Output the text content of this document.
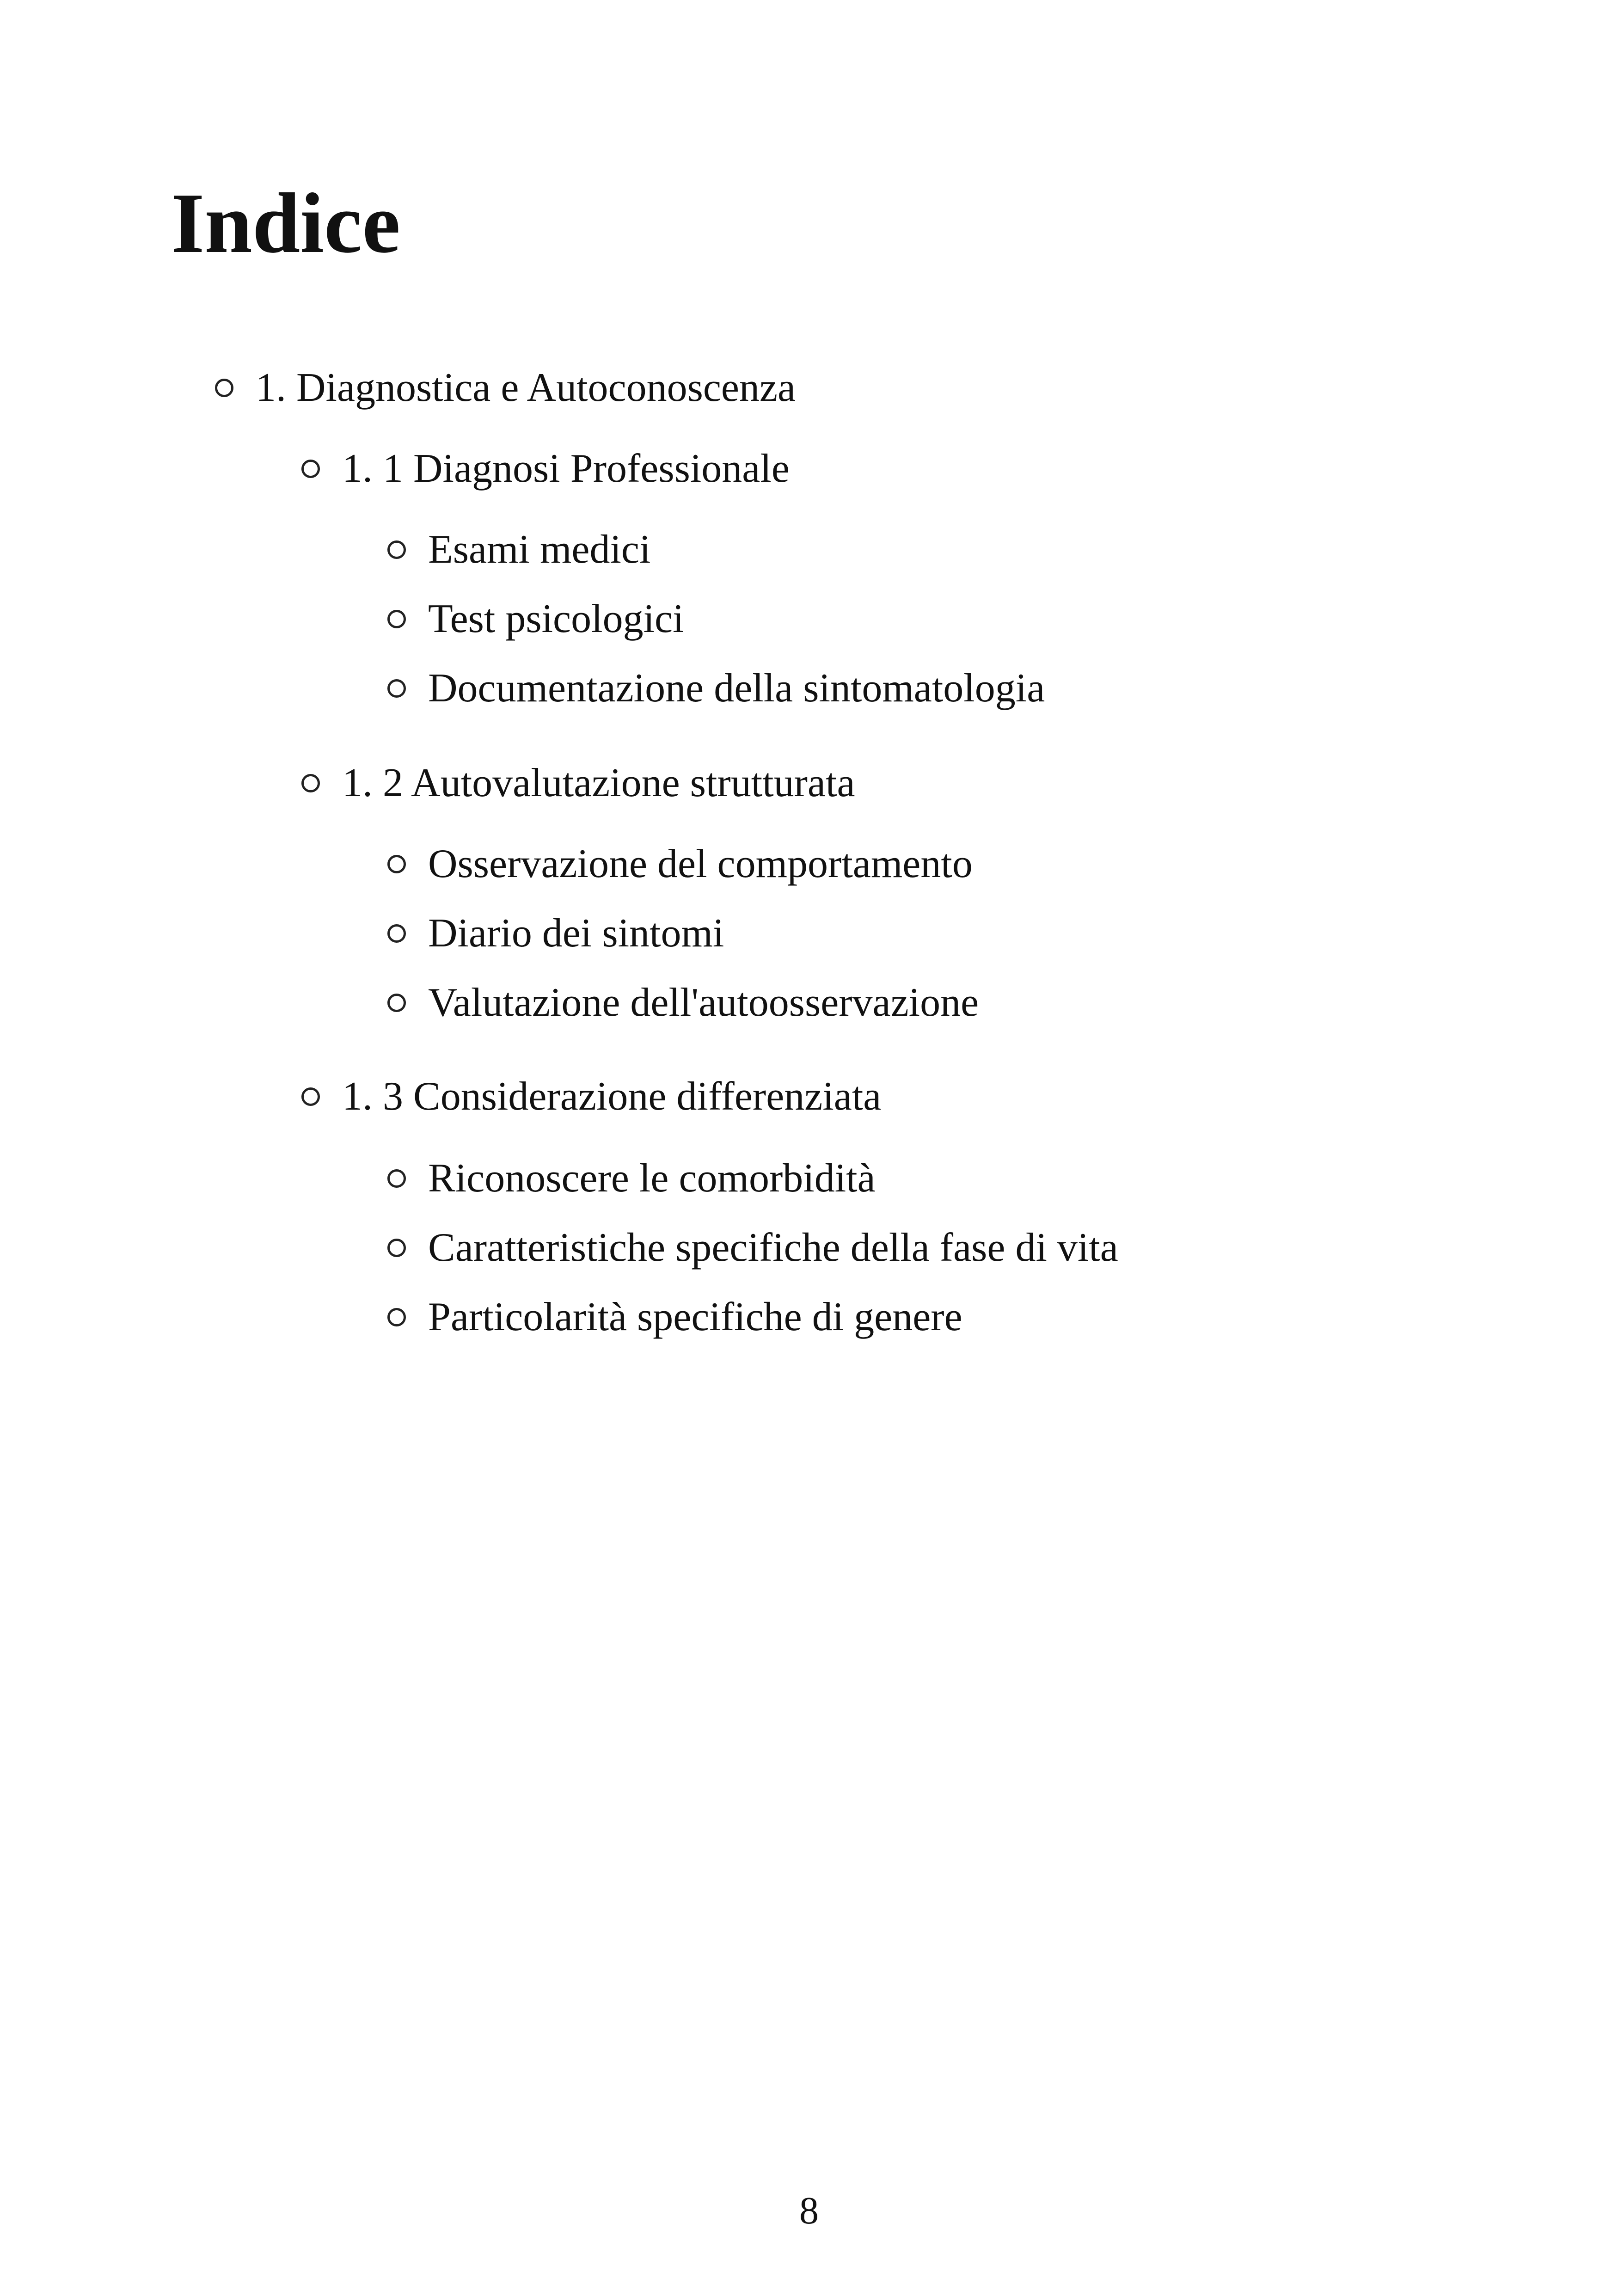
Indice
1. Diagnostica e Autoconoscenza
1. 1 Diagnosi Professionale
Esami medici
Test psicologici
Documentazione della sintomatologia
1. 2 Autovalutazione strutturata
Osservazione del comportamento
Diario dei sintomi
Valutazione dell'autoosservazione
1. 3 Considerazione differenziata
Riconoscere le comorbidità
Caratteristiche specifiche della fase di vita
Particolarità specifiche di genere
8
